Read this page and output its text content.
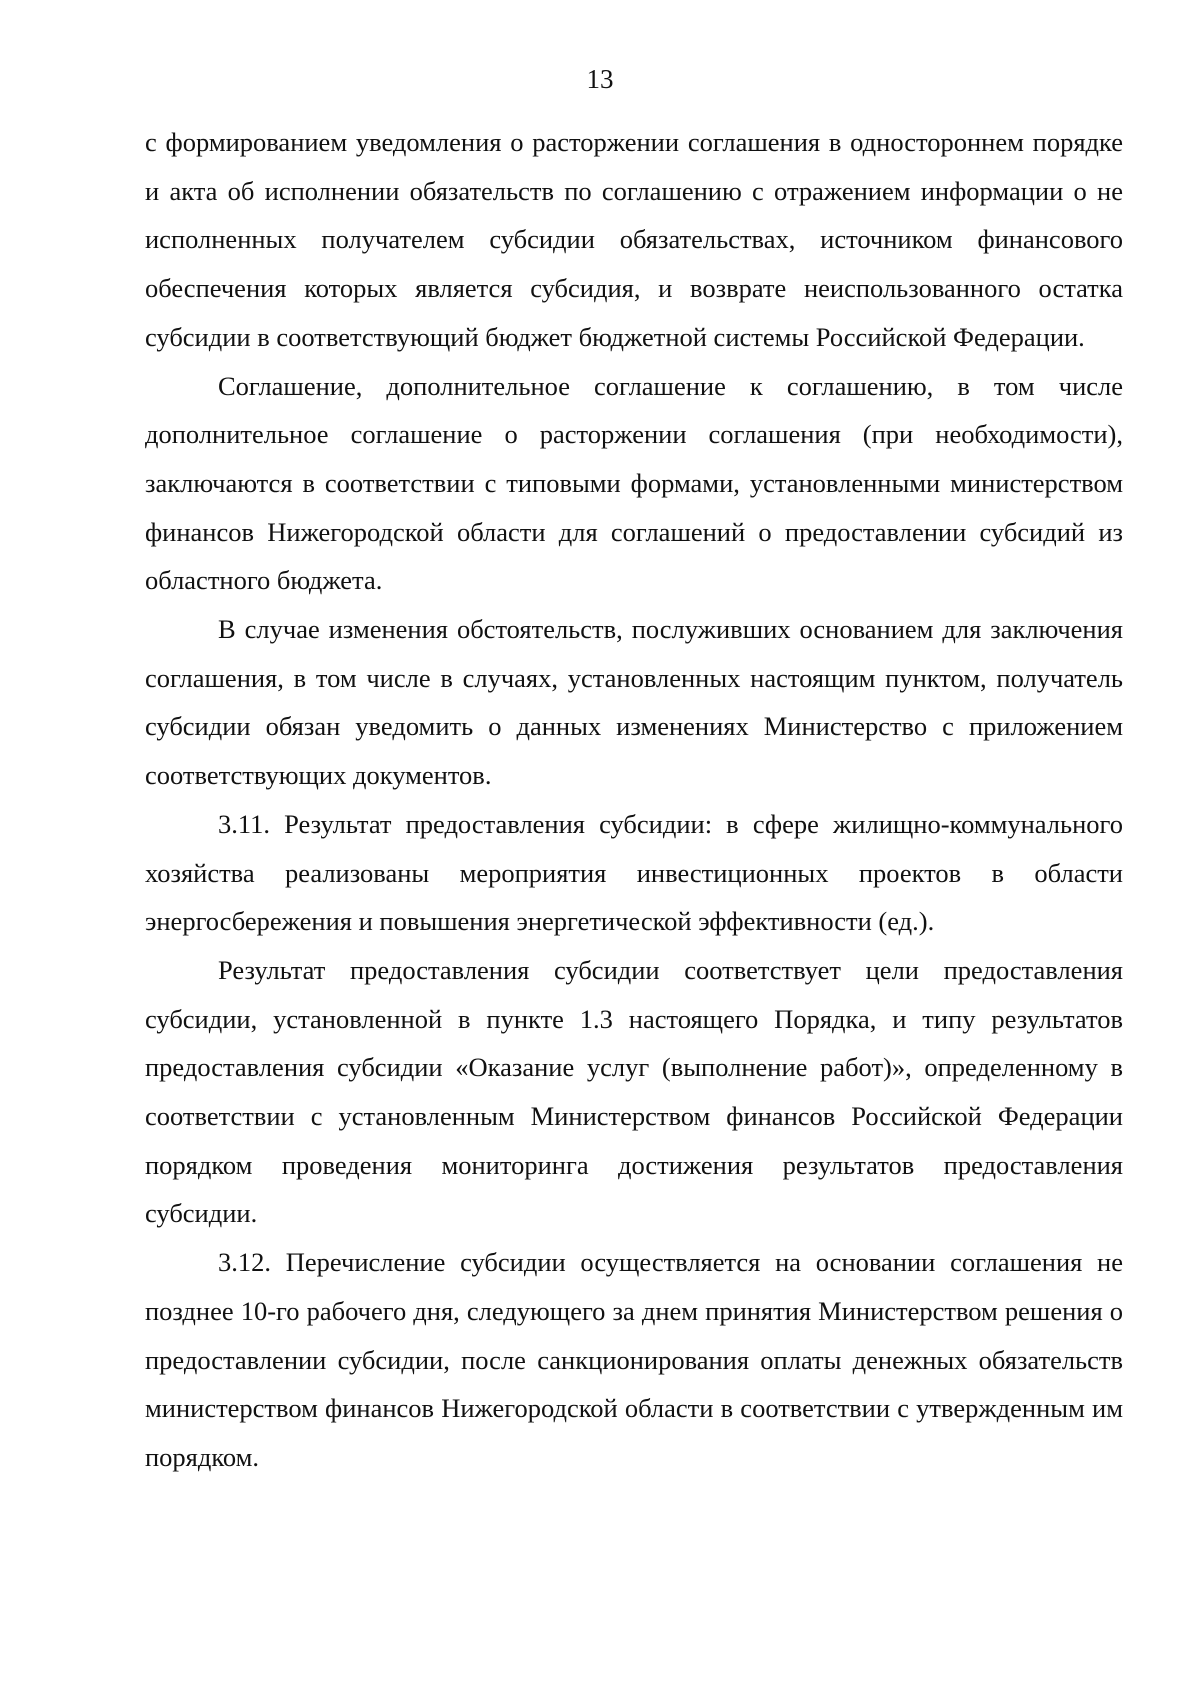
13

с формированием уведомления о расторжении соглашения в одностороннем порядке и акта об исполнении обязательств по соглашению с отражением информации о не исполненных получателем субсидии обязательствах, источником финансового обеспечения которых является субсидия, и возврате неиспользованного остатка субсидии в соответствующий бюджет бюджетной системы Российской Федерации.

Соглашение, дополнительное соглашение к соглашению, в том числе дополнительное соглашение о расторжении соглашения (при необходимости), заключаются в соответствии с типовыми формами, установленными министерством финансов Нижегородской области для соглашений о предоставлении субсидий из областного бюджета.

В случае изменения обстоятельств, послуживших основанием для заключения соглашения, в том числе в случаях, установленных настоящим пунктом, получатель субсидии обязан уведомить о данных изменениях Министерство с приложением соответствующих документов.

3.11. Результат предоставления субсидии: в сфере жилищно-коммунального хозяйства реализованы мероприятия инвестиционных проектов в области энергосбережения и повышения энергетической эффективности (ед.).

Результат предоставления субсидии соответствует цели предоставления субсидии, установленной в пункте 1.3 настоящего Порядка, и типу результатов предоставления субсидии «Оказание услуг (выполнение работ)», определенному в соответствии с установленным Министерством финансов Российской Федерации порядком проведения мониторинга достижения результатов предоставления субсидии.

3.12. Перечисление субсидии осуществляется на основании соглашения не позднее 10-го рабочего дня, следующего за днем принятия Министерством решения о предоставлении субсидии, после санкционирования оплаты денежных обязательств министерством финансов Нижегородской области в соответствии с утвержденным им порядком.
